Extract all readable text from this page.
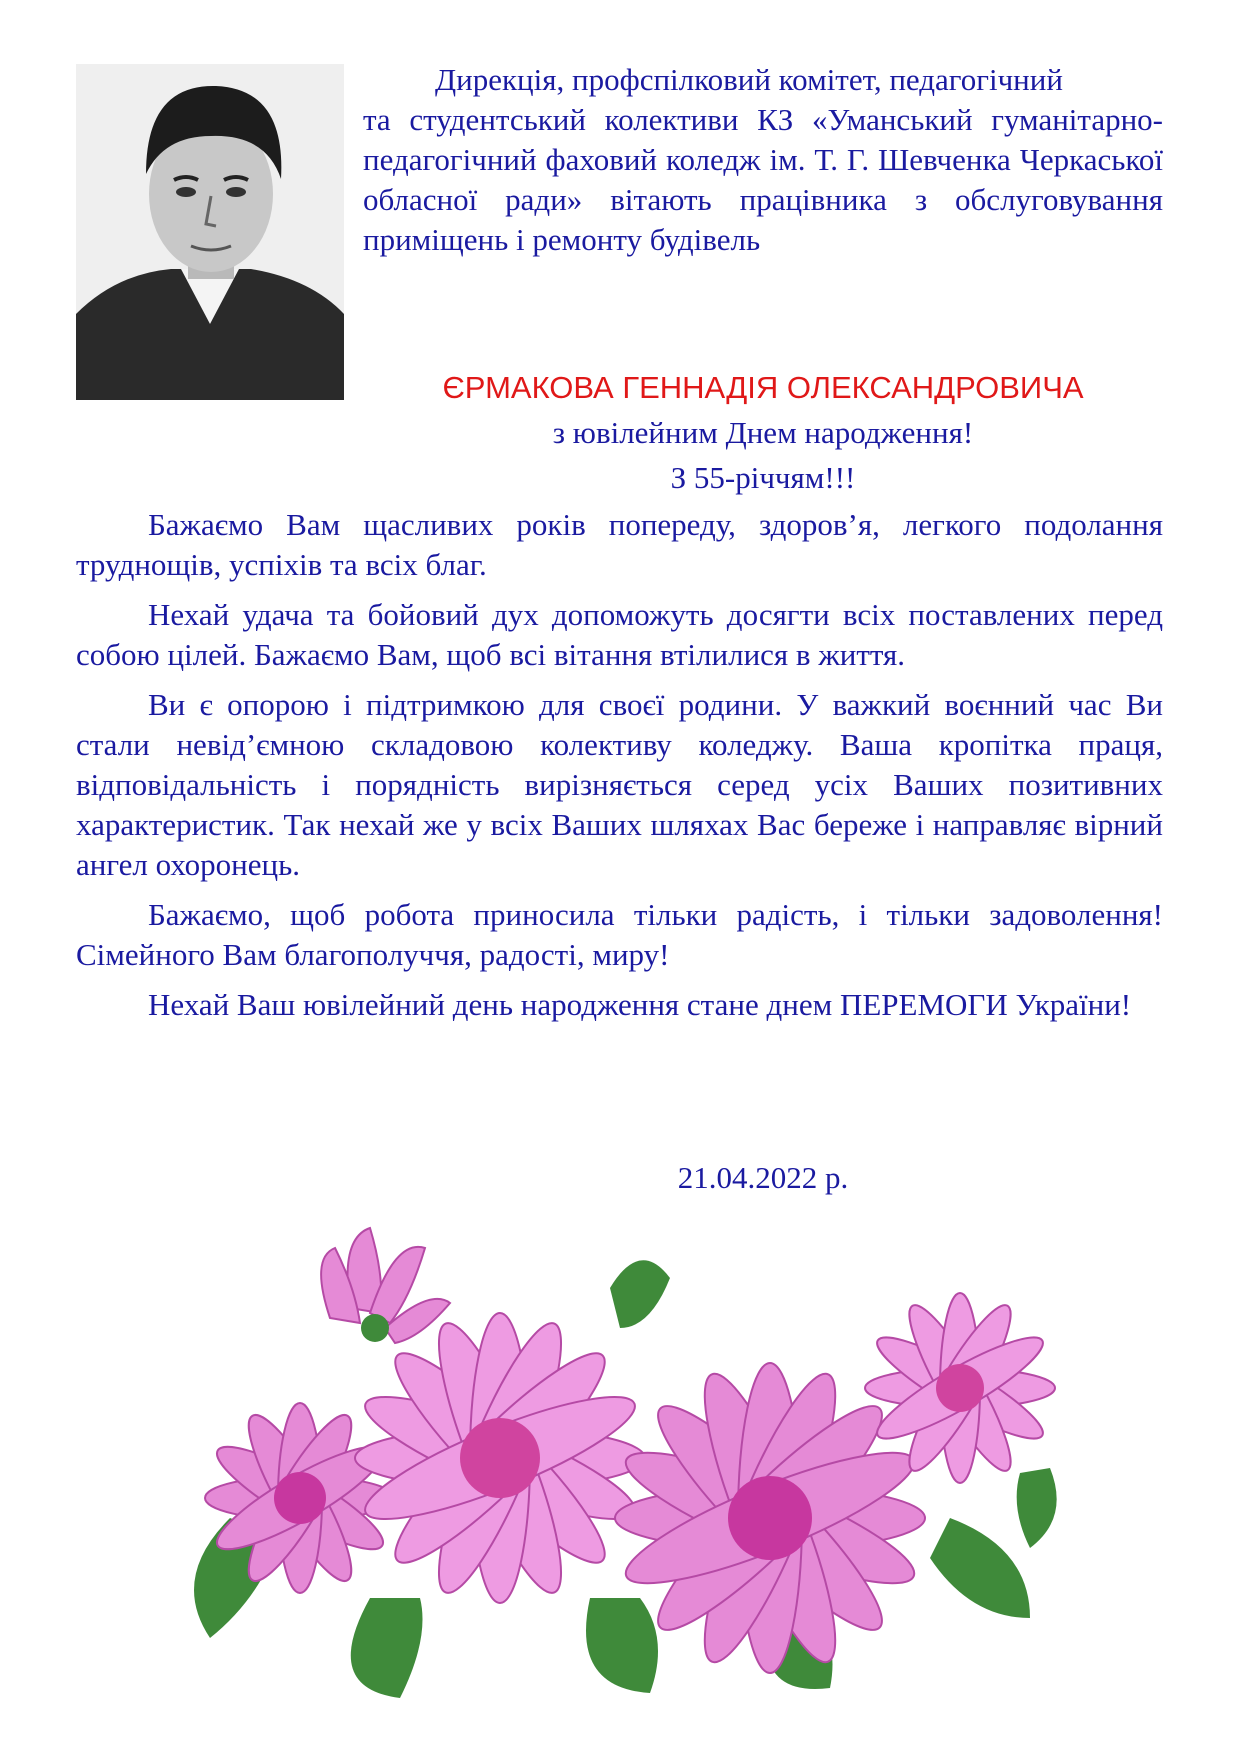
Дирекція, профспілковий комітет, педагогічний

та студентський колективи КЗ «Уманський гуманітарно-педагогічний фаховий коледж ім. Т. Г. Шевченка Черкаської обласної ради» вітають працівника з обслуговування приміщень і ремонту будівель

ЄРМАКОВА ГЕННАДІЯ ОЛЕКСАНДРОВИЧА
з ювілейним Днем народження!
З 55-річчям!!!

Бажаємо Вам щасливих років попереду, здоров’я, легкого подолання труднощів, успіхів та всіх благ.

Нехай удача та бойовий дух допоможуть досягти всіх поставлених перед собою цілей. Бажаємо Вам, щоб всі вітання втілилися в життя.

Ви є опорою і підтримкою для своєї родини. У важкий воєнний час Ви стали невід’ємною складовою колективу коледжу. Ваша кропітка праця, відповідальність і порядність вирізняється серед усіх Ваших позитивних характеристик. Так нехай же у всіх Ваших шляхах Вас береже і направляє вірний ангел охоронець.

Бажаємо, щоб робота приносила тільки радість, і тільки задоволення! Сімейного Вам благополуччя, радості, миру!

Нехай Ваш ювілейний день народження стане днем ПЕРЕМОГИ України!

21.04.2022 р.
